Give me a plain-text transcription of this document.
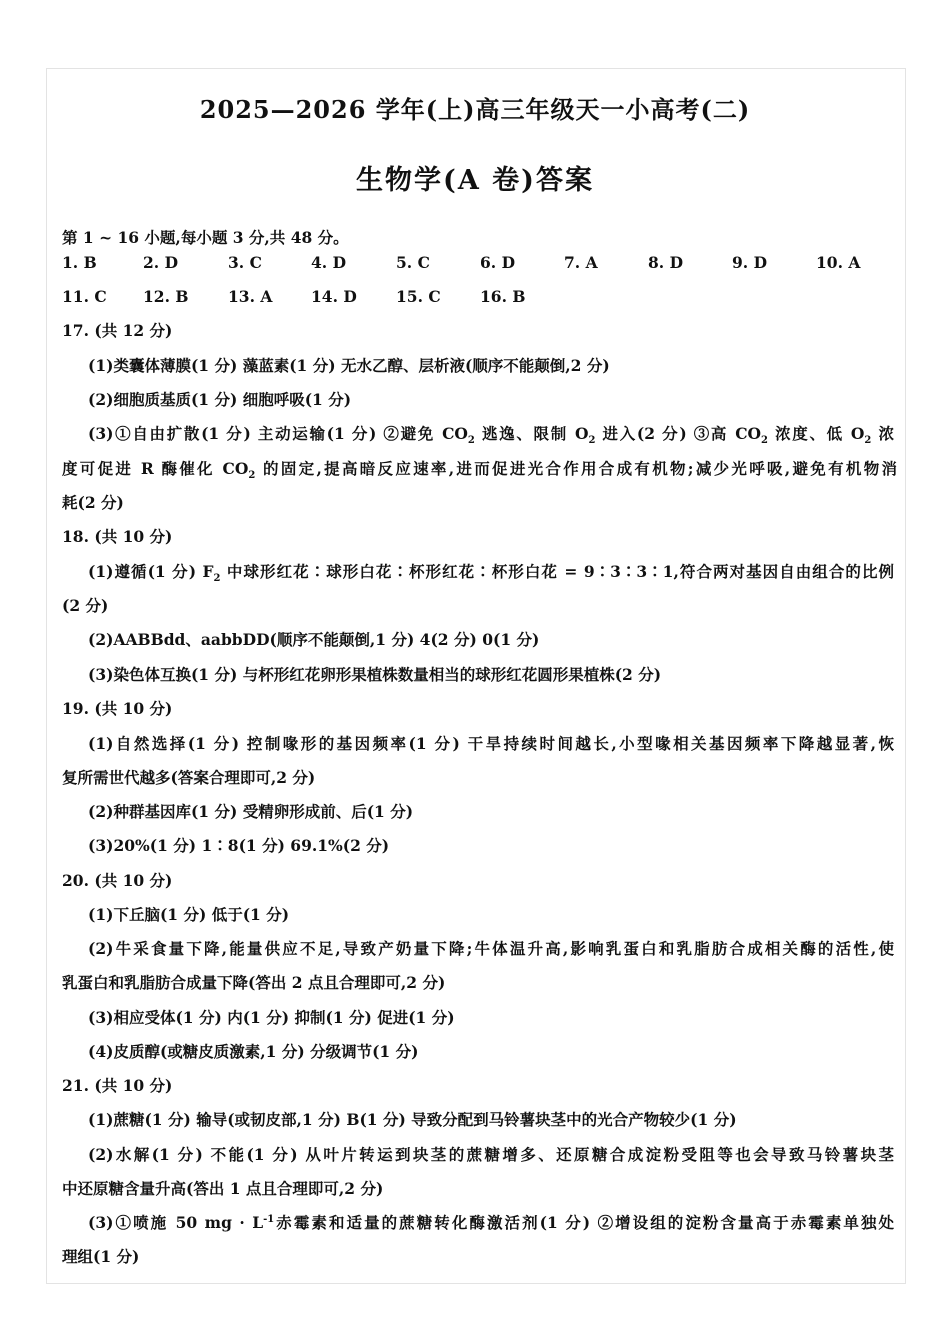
2025—2026 学年(上)高三年级天一小高考(二)
生物学(A 卷)答案
第 1 ~ 16 小题,每小题 3 分,共 48 分。
1. B	2. D	3. C	4. D	5. C	6. D	7. A	8. D	9. D	10. A
11. C 12. B	13. A 14. D	15. C	16. B
17. (共 12 分)
(1)类囊体薄膜(1 分) 藻蓝素(1 分) 无水乙醇、层析液(顺序不能颠倒,2 分)
(2)细胞质基质(1 分) 细胞呼吸(1 分)
(3)①自由扩散(1 分) 主动运输(1 分) ②避免 $CO_2$ 逃逸、限制 $O_2$ 进入(2 分) ③高 $CO_2$ 浓度、低 $O_2$ 浓
度可促进 R 酶催化 $CO_2$ 的固定,提高暗反应速率,进而促进光合作用合成有机物;减少光呼吸,避免有机物消
耗(2 分)
18. (共 10 分)
(1)遵循(1 分) $F_2$ 中球形红花∶球形白花∶杯形红花∶杯形白花 = 9∶3∶3∶1,符合两对基因自由组合的比例
(2 分)
(2)AABBdd、aabbDD(顺序不能颠倒,1 分) 4(2 分) 0(1 分)
(3)染色体互换(1 分) 与杯形红花卵形果植株数量相当的球形红花圆形果植株(2 分)
19. (共 10 分)
(1)自然选择(1 分) 控制喙形的基因频率(1 分) 干旱持续时间越长,小型喙相关基因频率下降越显著,恢
复所需世代越多(答案合理即可,2 分)
(2)种群基因库(1 分) 受精卵形成前、后(1 分)
(3)20%(1 分) 1∶8(1 分) 69.1%(2 分)
20. (共 10 分)
(1)下丘脑(1 分) 低于(1 分)
(2)牛采食量下降,能量供应不足,导致产奶量下降;牛体温升高,影响乳蛋白和乳脂肪合成相关酶的活性,使
乳蛋白和乳脂肪合成量下降(答出 2 点且合理即可,2 分)
(3)相应受体(1 分) 内(1 分) 抑制(1 分) 促进(1 分)
(4)皮质醇(或糖皮质激素,1 分) 分级调节(1 分)
21. (共 10 分)
(1)蔗糖(1 分) 输导(或韧皮部,1 分) B(1 分) 导致分配到马铃薯块茎中的光合产物较少(1 分)
(2)水解(1 分) 不能(1 分) 从叶片转运到块茎的蔗糖增多、还原糖合成淀粉受阻等也会导致马铃薯块茎
中还原糖含量升高(答出 1 点且合理即可,2 分)
(3)①喷施 50 mg · $L^{-1}$赤霉素和适量的蔗糖转化酶激活剂(1 分) ②增设组的淀粉含量高于赤霉素单独处
理组(1 分)
